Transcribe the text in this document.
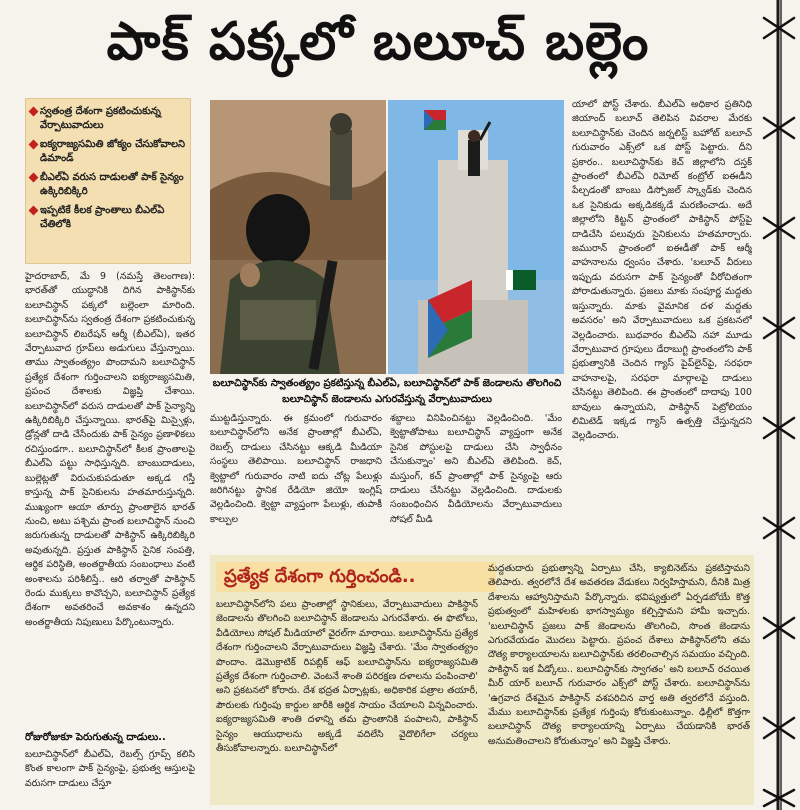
పాక్ పక్కలో బలూచ్ బల్లెం
స్వతంత్ర దేశంగా ప్రకటించుకున్న వేర్పాటువాదులు
ఐక్యరాజ్యసమితి జోక్యం చేసుకోవాలని డిమాండ్
బీఎల్ఏ వరుస దాడులతో పాక్ సైన్యం ఉక్కిరిబిక్కిరి
ఇప్పటికే కీలక ప్రాంతాలు బీఎల్ఏ చేతిలోకి

హైదరాబాద్, మే 9 (నమస్తే తెలంగాణ): భారత్‌తో యుద్ధానికి దిగిన పాకిస్థాన్‌కు బలూచిస్థాన్ పక్కలో బల్లెంలా మారింది. బలూచిస్థాన్‌ను స్వతంత్ర దేశంగా ప్రకటించుకున్న బలూచిస్థాన్ లిబరేషన్ ఆర్మీ (బీఎల్ఏ), ఇతర వేర్పాటువాద గ్రూప్‌లు అడుగులు వేస్తున్నాయి. తాము స్వాతంత్య్రం పొందామని బలూచిస్థాన్ ప్రత్యేక దేశంగా గుర్తించాలని ఐక్యరాజ్యసమితి, ప్రపంచ దేశాలకు విజ్ఞప్తి చేశాయి. బలూచిస్థాన్‌లో వరుస దాడులతో పాక్ సైన్యాన్ని ఉక్కిరిబిక్కిరి చేస్తున్నాయి. భారత్‌పై మిస్సైళ్లు, డ్రోన్లతో దాడి చేసేందుకు పాక్ సైన్యం ప్రణాళికలు రచిస్తుండగా.. బలూచిస్థాన్‌లో కీలక ప్రాంతాలపై బీఎల్ఏ పట్టు సాధిస్తున్నది. బాంబుదాడులు, బుల్లెట్లతో విరుచుకుపడుతూ అక్కడ గస్తీ కాస్తున్న పాక్ సైనికులను హతమారుస్తున్నది. ముఖ్యంగా ఆయా తూర్పు ప్రాంతాలైన భారత్ నుంచి, అటు పశ్చిమ ప్రాంత బలూచిస్థాన్ నుంచి జరుగుతున్న దాడులతో పాకిస్థాన్ ఉక్కిరిబిక్కిరి అవుతున్నది. ప్రస్తుత పాకిస్థాన్ సైనిక సంపత్తి, ఆర్థిక పరిస్థితి, అంతర్జాతీయ సంబంధాలు వంటి అంశాలను పరిశీలిస్తే.. ఆరి తర్వాతో పాకిస్థాన్ రెండు ముక్కలు కావొచ్చని, బలూచిస్థాన్ ప్రత్యేక దేశంగా అవతరించే అవకాశం ఉన్నదని అంతర్జాతీయ నిపుణులు పేర్కొంటున్నారు.

రోజురోజుకూ పెరుగుతున్న దాడులు..

బలూచిస్థాన్‌లో బీఎల్ఏ, రెబల్స్ గ్రూప్స్ కలిసి కొంత కాలంగా పాక్ సైన్యంపై, ప్రభుత్వ ఆస్తులపై వరుసగా దాడులు చేస్తూ

బలూచిస్థాన్‌కు స్వాతంత్య్రం ప్రకటిస్తున్న బీఎల్ఏ, బలూచిస్థాన్‌లో పాక్ జెండాలను తొలగించి బలూచిస్థాన్ జెండాలను ఎగురవేస్తున్న వేర్పాటువాదులు

ముట్టడిస్తున్నారు. ఈ క్రమంలో గురువారం బలూచిస్థాన్‌లోని అనేక ప్రాంతాల్లో బీఎల్ఏ, రెబల్స్ దాడులు చేసినట్టు ఆక్కడి మీడియా సంస్థలు తెలిపాయి. బలూచిస్థాన్ రాజధాని క్వెట్టాలో గురువారం నాటి ఐదు చోట్ల పేలుళ్లు జరిగినట్టు స్థానిక రేడియో జియో ఇంగ్లిష్ వెల్లడించింది. క్వెట్టా వ్యాప్తంగా పేలుళ్లు, తుపాకీ కాల్పుల

శబ్దాలు వినిపించినట్టు వెల్లడించింది. 'మేం క్వెట్టాతోపాటు బలూచిస్థాన్ వ్యాప్తంగా అనేక సైనిక పోస్టులపై దాడులు చేసి స్వాధీనం చేసుకున్నాం' అని బీఎల్ఏ తెలిపింది. కెచ్, మస్తుంగ్, కచ్ ప్రాంతాల్లో పాక్ సైన్యంపై ఆరు దాడులు చేసినట్టు వెల్లడించింది. దాడులకు సంబంధించిన వీడియోలను వేర్పాటువాదులు సోషల్ మీడి

యాలో పోస్ట్ చేశారు. బీఎల్ఏ అధికార ప్రతినిధి జియాంద్ బలూచ్ తెలిపిన వివరాల మేరకు బలూచిస్థాన్‌కు చెందిన జర్నలిస్ట్ బహోట్ బలూచ్ గురువారం ఎక్స్‌లో ఒక పోస్ట్ పెట్టారు. దీని ప్రకారం.. బలూచిస్థాన్‌కు కెచ్ జిల్లాలోని దస్తక్ ప్రాంతంలో బీఎల్ఏ రిమోట్ కంట్రోల్ ఐఈడీని పేల్చడంతో బాంబు డిస్పోజల్ స్క్వాడ్‌కు చెందిన ఒక సైనికుడు అక్కడికక్కడే మరణించాడు. అదే జిల్లాలోని కిట్టన్ ప్రాంతంలో పాకిస్థాన్ పోస్ట్‌పై దాడిచేసి పలువురు సైనికులను హతమార్చారు. జమురాన్ ప్రాంతంలో ఐఈడీతో పాక్ ఆర్మీ వాహనాలను ధ్వంసం చేశారు. 'బలూచ్ వీరులు ఇప్పుడు వరుసగా పాక్ సైన్యంతో వీరోచితంగా పోరాడుతున్నారు. ప్రజలు మాకు సంపూర్ణ మద్దతు ఇస్తున్నారు. మాకు వైమానిక దళ మద్దతు అవసరం' అని వేర్పాటువాదులు ఒక ప్రకటనలో వెల్లడించారు. బుధవారం బీఎల్ఏ నహా మూడు వేర్పాటువాద గ్రూపులు డేరాబుగ్టి ప్రాంతంలోని పాక్ ప్రభుత్వానికి చెందిన గ్యాస్ పైప్‌లైన్‌పై, సరఫరా వాహనాలపై, సరఫరా మార్గాలపై దాడులు చేసినట్టు తెలిపింది. ఈ ప్రాంతంలో దాదాపు 100 బావులు ఉన్నాయని, పాకిస్థాన్ పెట్రోలియం లిమిటెడ్ ఇక్కడ గ్యాస్ ఉత్పత్తి చేస్తున్నదని వెల్లడించారు.

ప్రత్యేక దేశంగా గుర్తించండి..

బలూచిస్థాన్‌లోని పలు ప్రాంతాల్లో స్థానికులు, వేర్పాటువాదులు పాకిస్థాన్ జెండాలను తొలగించి బలూచిస్థాన్ జెండాలను ఎగురవేశారు. ఈ ఫొటోలు, వీడియోలు సోషల్ మీడియాలో వైరల్‌గా మారాయి. బలూచిస్థాన్‌ను ప్రత్యేక దేశంగా గుర్తించాలని వేర్పాటువాదులు విజ్ఞప్తి చేశారు. 'మేం స్వాతంత్య్రం పొందాం. డెమొక్రాటిక్ రిపబ్లిక్ ఆఫ్ బలూచిస్థాన్‌ను ఐక్యరాజ్యసమితి ప్రత్యేక దేశంగా గుర్తించాలి. వెంటనే శాంతి పరిరక్షణ దళాలను పంపించాలి' అని ప్రకటనలో కోరారు. దేశ భద్రత ఏర్పాట్లకు, అధికారిక పత్రాల తయారీ, పౌరులకు గుర్తింపు కార్డుల జారీకి ఆర్థిక సాయం చేయాలని విన్నవించారు. ఐక్యరాజ్యసమితి శాంతి దళాన్ని తమ ప్రాంతానికి పంపాలని, పాకిస్థాన్ సైన్యం ఆయుధాలను అక్కడే వదిలేసి వైదొలిగేలా చర్యలు తీసుకోవాలన్నారు. బలూచిస్థాన్‌లో

మద్దతుదారు ప్రభుత్వాన్ని ఏర్పాటు చేసి, క్యాబినెట్‌ను ప్రకటిస్తామని తెలిపారు. త్వరలోనే దేశ అవతరణ వేడుకలు నిర్వహిస్తామని, దీనికి మిత్ర దేశాలను ఆహ్వానిస్తామని పేర్కొన్నారు. భవిష్యత్తులో ఏర్పడబోయే కొత్త ప్రభుత్వంలో మహిళలకు భాగస్వామ్యం కల్పిస్తామని హామీ ఇచ్చారు. 'బలూచిస్థాన్ ప్రజలు పాక్ జెండాలను తొలగించి, సొంత జెండాను ఎగురవేయడం మొదలు పెట్టారు. ప్రపంచ దేశాలు పాకిస్థాన్‌లోని తమ దౌత్య కార్యాలయాలను బలూచిస్థాన్‌కు తరలించాల్సిన సమయం వచ్చింది. పాకిస్థాన్ ఇక వీడ్కోలు.. బలూచిస్థాన్‌కు స్వాగతం' అని బలూచ్ రచయిత మీర్ యార్ బలూచ్ గురువారం ఎక్స్‌లో పోస్ట్ చేశారు. బలూచిస్థాన్‌ను 'ఉగ్రవాద దేశమైన పాకిస్థాన్ వశపరిచిన వార్త అతి త్వరలోనే వస్తుంది. మేము బలూచిస్థాన్‌కు ప్రత్యేక గుర్తింపు కోరుకుంటున్నాం. ఢిల్లీలో కొత్తగా బలూచిస్థాన్ దౌత్య కార్యాలయాన్ని ఏర్పాటు చేయడానికి భారత్ అనుమతించాలని కోరుతున్నాం' అని విజ్ఞప్తి చేశారు.
